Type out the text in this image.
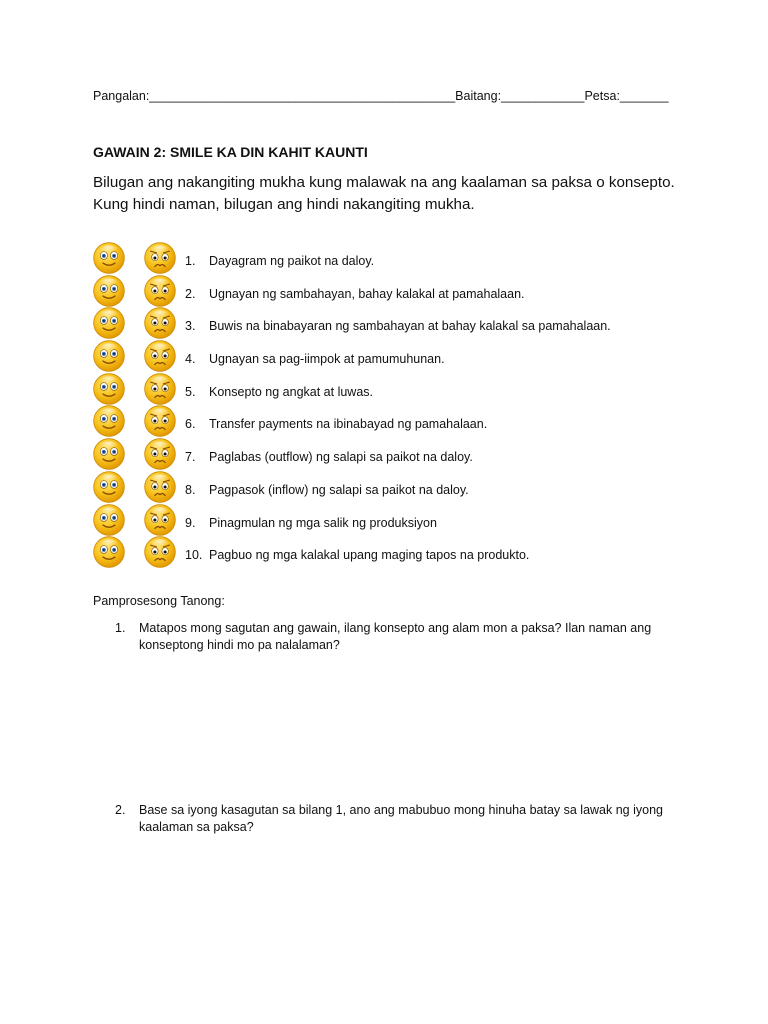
Pangalan:____________________________________________Baitang:____________Petsa:_______
GAWAIN 2: SMILE KA DIN KAHIT KAUNTI
Bilugan ang nakangiting mukha kung malawak na ang kaalaman sa paksa o konsepto. Kung hindi naman, bilugan ang hindi nakangiting mukha.
1.	Dayagram ng paikot na daloy.
2.	Ugnayan ng sambahayan, bahay kalakal at pamahalaan.
3.	Buwis na binabayaran ng sambahayan at bahay kalakal sa pamahalaan.
4.	Ugnayan sa pag-iimpok at pamumuhunan.
5.	Konsepto ng angkat at luwas.
6.	Transfer payments na ibinabayad ng pamahalaan.
7.	Paglabas (outflow) ng salapi sa paikot na daloy.
8.	Pagpasok (inflow) ng salapi sa paikot na daloy.
9.	Pinagmulan ng mga salik ng produksiyon
10. Pagbuo ng mga kalakal upang maging tapos na produkto.
Pamprosesong Tanong:
1.	Matapos mong sagutan ang gawain, ilang konsepto ang alam mon a paksa? Ilan naman ang konseptong hindi mo pa nalalaman?
2.	Base sa iyong kasagutan sa bilang 1, ano ang mabubuo mong hinuha batay sa lawak ng iyong kaalaman sa paksa?
